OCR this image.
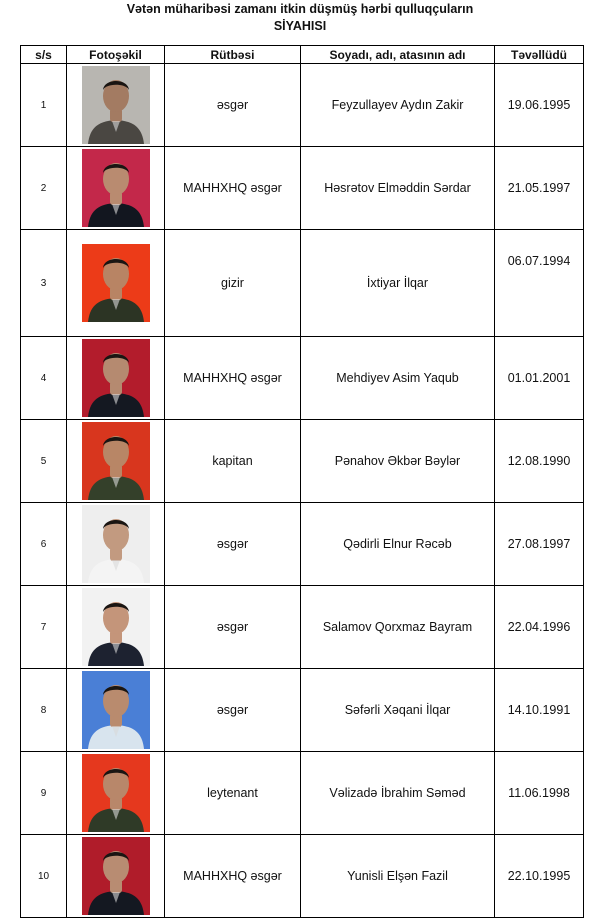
Vətən müharibəsi zamanı itkin düşmüş hərbi qulluqçuların
SİYAHISI
s/s	Fotoşəkil	Rütbəsi	Soyadı, adı, atasının adı	Təvəllüdü
1		əsgər	Feyzullayev Aydın Zakir	19.06.1995
2		MAHHXHQ əsgər	Həsrətov Elməddin Sərdar	21.05.1997
3		gizir	İxtiyar İlqar	06.07.1994
4		MAHHXHQ əsgər	Mehdiyev Asim Yaqub	01.01.2001
5		kapitan	Pənahov Əkbər Bəylər	12.08.1990
6		əsgər	Qədirli Elnur Rəcəb	27.08.1997
7		əsgər	Salamov Qorxmaz Bayram	22.04.1996
8		əsgər	Səfərli Xəqani İlqar	14.10.1991
9		leytenant	Vəlizadə İbrahim Səməd	11.06.1998
10		MAHHXHQ əsgər	Yunisli Elşən Fazil	22.10.1995
